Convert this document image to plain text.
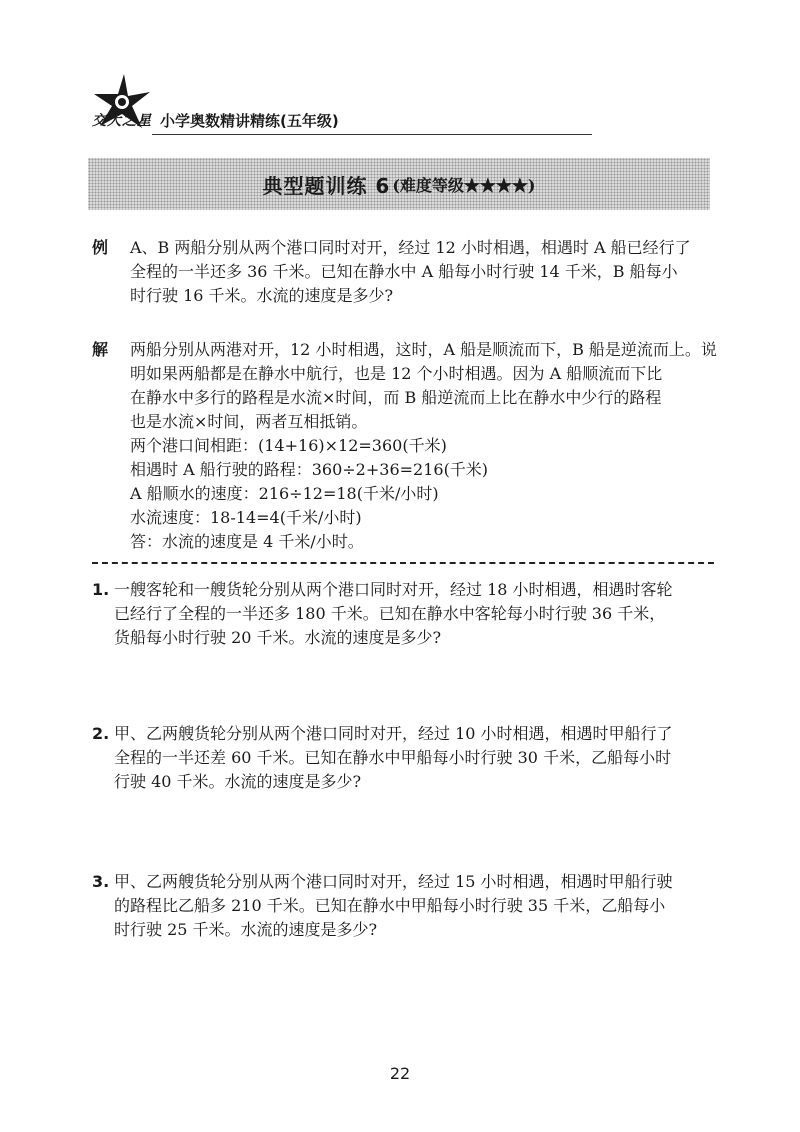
交大之星 小学奥数精讲精练(五年级)
典型题训练 6 (难度等级★★★★)
例 A、B 两船分别从两个港口同时对开，经过 12 小时相遇，相遇时 A 船已经行了
全程的一半还多 36 千米。已知在静水中 A 船每小时行驶 14 千米，B 船每小
时行驶 16 千米。水流的速度是多少?
解 两船分别从两港对开，12 小时相遇，这时，A 船是顺流而下，B 船是逆流而上。说
明如果两船都是在静水中航行，也是 12 个小时相遇。因为 A 船顺流而下比
在静水中多行的路程是水流×时间，而 B 船逆流而上比在静水中少行的路程
也是水流×时间，两者互相抵销。
两个港口间相距：(14+16)×12=360(千米)
相遇时 A 船行驶的路程：360÷2+36=216(千米)
A 船顺水的速度：216÷12=18(千米/小时)
水流速度：18-14=4(千米/小时)
答：水流的速度是 4 千米/小时。
1. 一艘客轮和一艘货轮分别从两个港口同时对开，经过 18 小时相遇，相遇时客轮
已经行了全程的一半还多 180 千米。已知在静水中客轮每小时行驶 36 千米，
货船每小时行驶 20 千米。水流的速度是多少?
2. 甲、乙两艘货轮分别从两个港口同时对开，经过 10 小时相遇，相遇时甲船行了
全程的一半还差 60 千米。已知在静水中甲船每小时行驶 30 千米，乙船每小时
行驶 40 千米。水流的速度是多少?
3. 甲、乙两艘货轮分别从两个港口同时对开，经过 15 小时相遇，相遇时甲船行驶
的路程比乙船多 210 千米。已知在静水中甲船每小时行驶 35 千米，乙船每小
时行驶 25 千米。水流的速度是多少?
22
